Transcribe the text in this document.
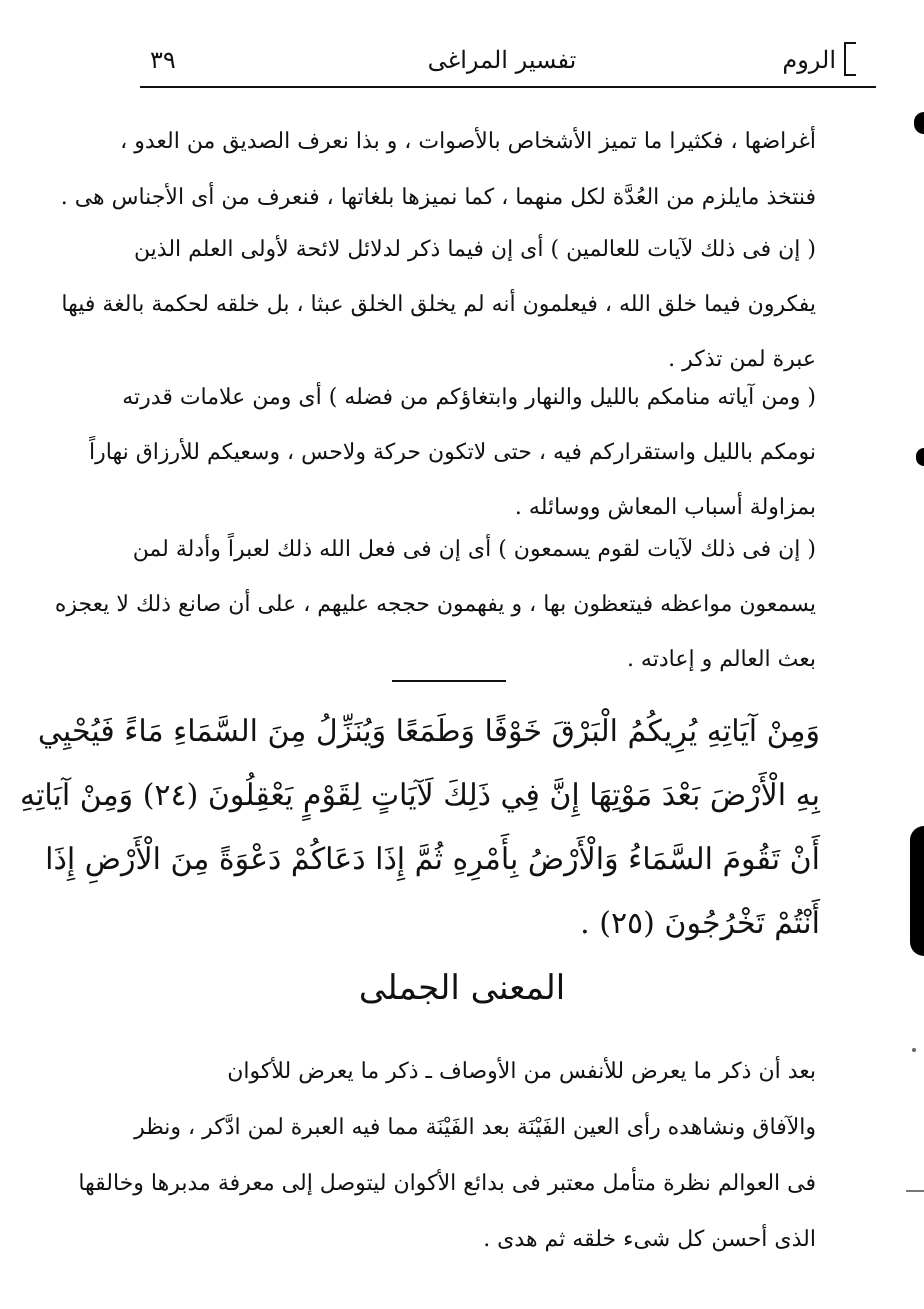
٣٩	تفسير المراغى	الروم
أغراضها ، فكثيرا ما تميز الأشخاص بالأصوات ، و بذا نعرف الصديق من العدو ،
فنتخذ مايلزم من العُدَّة لكل منهما ، كما نميزها بلغاتها ، فنعرف من أى الأجناس هى .
( إن فى ذلك لآيات للعالمين ) أى إن فيما ذكر لدلائل لائحة لأولى العلم الذين
يفكرون فيما خلق الله ، فيعلمون أنه لم يخلق الخلق عبثا ، بل خلقه لحكمة بالغة فيها
عبرة لمن تذكر .
( ومن آياته منامكم بالليل والنهار وابتغاؤكم من فضله ) أى ومن علامات قدرته
نومكم بالليل واستقراركم فيه ، حتى لاتكون حركة ولاحس ، وسعيكم للأرزاق نهاراً
بمزاولة أسباب المعاش ووسائله .
( إن فى ذلك لآيات لقوم يسمعون ) أى إن فى فعل الله ذلك لعبراً وأدلة لمن
يسمعون مواعظه فيتعظون بها ، و يفهمون حججه عليهم ، على أن صانع ذلك لا يعجزه
بعث العالم و إعادته .
وَمِنْ آيَاتِهِ يُرِيكُمُ الْبَرْقَ خَوْفًا وَطَمَعًا وَيُنَزِّلُ مِنَ السَّمَاءِ مَاءً فَيُحْيِي
بِهِ الْأَرْضَ بَعْدَ مَوْتِهَا إِنَّ فِي ذَلِكَ لَآيَاتٍ لِقَوْمٍ يَعْقِلُونَ (٢٤) وَمِنْ آيَاتِهِ
أَنْ تَقُومَ السَّمَاءُ وَالْأَرْضُ بِأَمْرِهِ ثُمَّ إِذَا دَعَاكُمْ دَعْوَةً مِنَ الْأَرْضِ إِذَا
أَنْتُمْ تَخْرُجُونَ (٢٥) .
المعنى الجملى
بعد أن ذكر ما يعرض للأنفس من الأوصاف ـ ذكر ما يعرض للأكوان
والآفاق ونشاهده رأى العين الفَيْنَة بعد الفَيْنَة مما فيه العبرة لمن ادَّكر ، ونظر
فى العوالم نظرة متأمل معتبر فى بدائع الأكوان ليتوصل إلى معرفة مدبرها وخالقها
الذى أحسن كل شىء خلقه ثم هدى .
